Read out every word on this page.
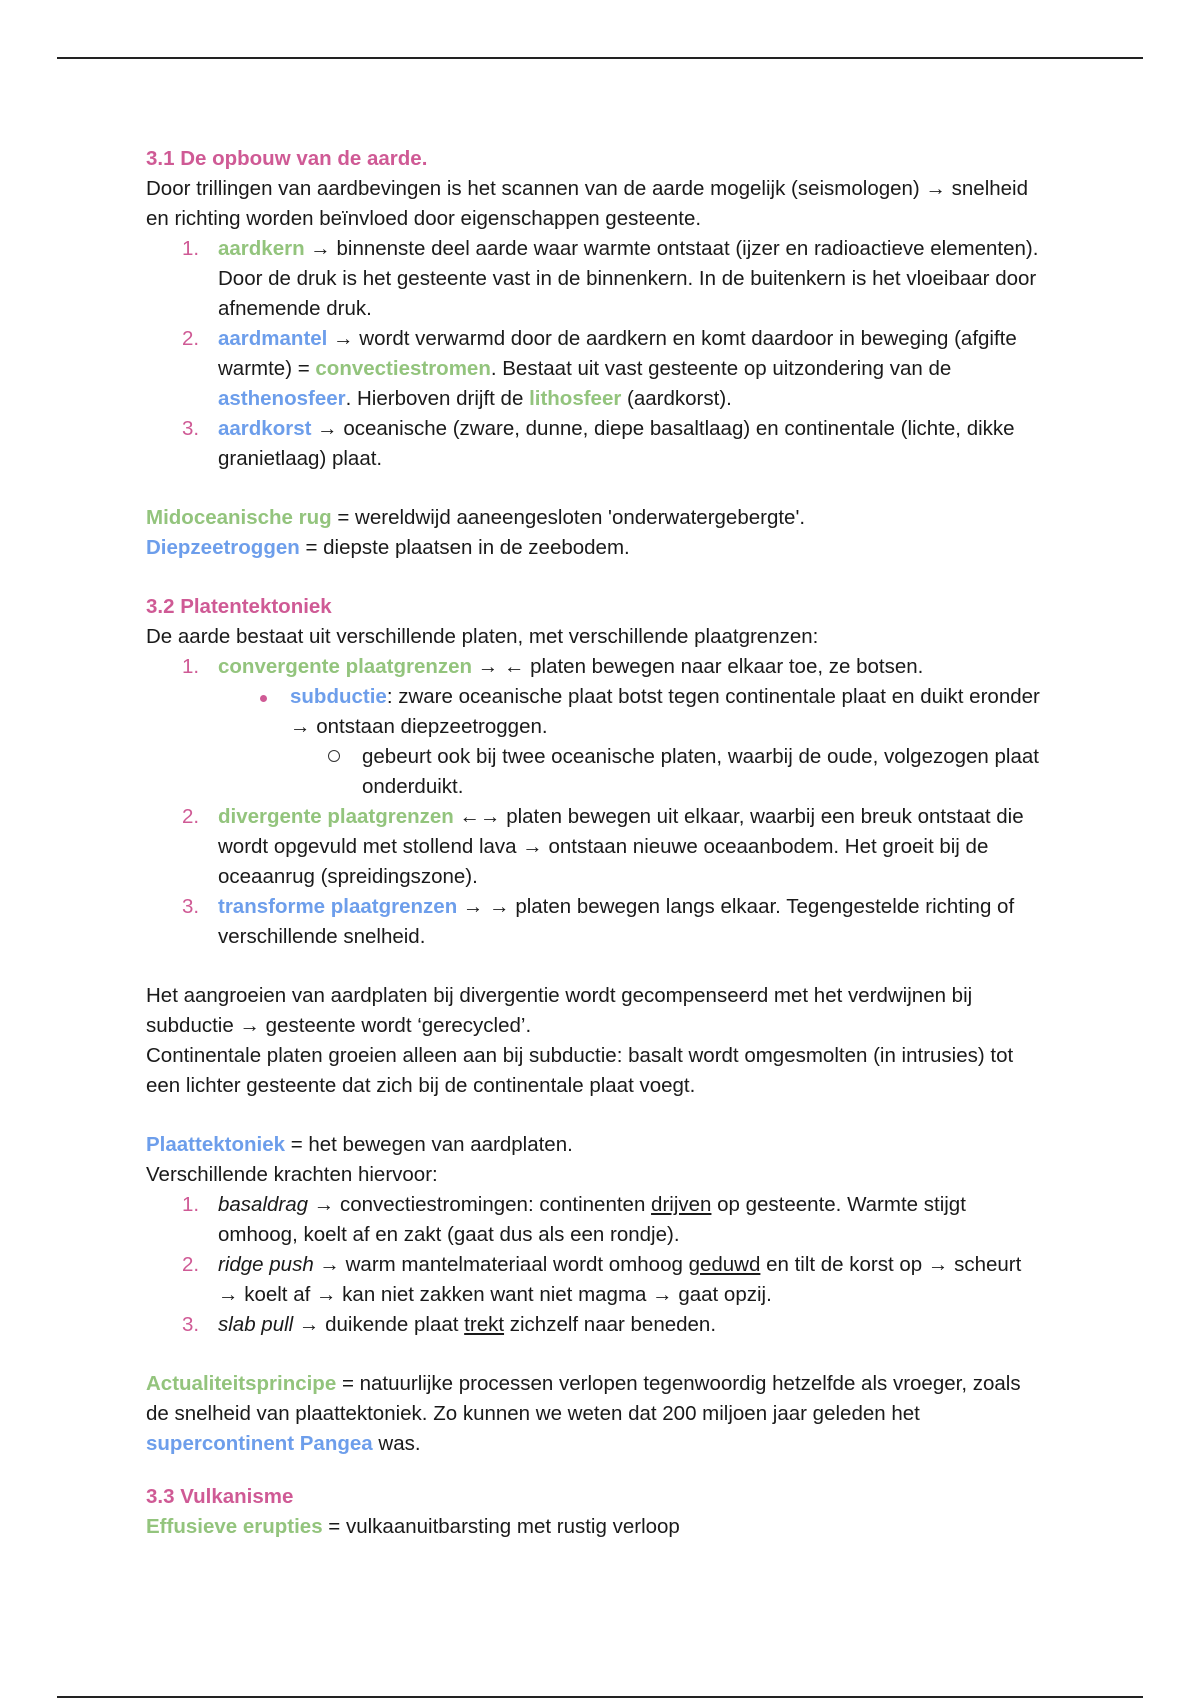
3.1 De opbouw van de aarde.

Door trillingen van aardbevingen is het scannen van de aarde mogelijk (seismologen) → snelheid en richting worden beïnvloed door eigenschappen gesteente.

1. aardkern → binnenste deel aarde waar warmte ontstaat (ijzer en radioactieve elementen). Door de druk is het gesteente vast in de binnenkern. In de buitenkern is het vloeibaar door afnemende druk.
2. aardmantel → wordt verwarmd door de aardkern en komt daardoor in beweging (afgifte warmte) = convectiestromen. Bestaat uit vast gesteente op uitzondering van de asthenosfeer. Hierboven drijft de lithosfeer (aardkorst).
3. aardkorst → oceanische (zware, dunne, diepe basaltlaag) en continentale (lichte, dikke granietlaag) plaat.

Midoceanische rug = wereldwijd aaneengesloten 'onderwatergebergte'.

Diepzeetroggen = diepste plaatsen in de zeebodem.

3.2 Platentektoniek

De aarde bestaat uit verschillende platen, met verschillende plaatgrenzen:

1. convergente plaatgrenzen → ← platen bewegen naar elkaar toe, ze botsen.
subductie: zware oceanische plaat botst tegen continentale plaat en duikt eronder → ontstaan diepzeetroggen.
gebeurt ook bij twee oceanische platen, waarbij de oude, volgezogen plaat onderduikt.
2. divergente plaatgrenzen ←→ platen bewegen uit elkaar, waarbij een breuk ontstaat die wordt opgevuld met stollend lava → ontstaan nieuwe oceaanbodem. Het groeit bij de oceaanrug (spreidingszone).
3. transforme plaatgrenzen → → platen bewegen langs elkaar. Tegengestelde richting of verschillende snelheid.

Het aangroeien van aardplaten bij divergentie wordt gecompenseerd met het verdwijnen bij subductie → gesteente wordt ‘gerecycled’.

Continentale platen groeien alleen aan bij subductie: basalt wordt omgesmolten (in intrusies) tot een lichter gesteente dat zich bij de continentale plaat voegt.

Plaattektoniek = het bewegen van aardplaten.

Verschillende krachten hiervoor:

1. basaldrag → convectiestromingen: continenten drijven op gesteente. Warmte stijgt omhoog, koelt af en zakt (gaat dus als een rondje).
2. ridge push → warm mantelmateriaal wordt omhoog geduwd en tilt de korst op → scheurt → koelt af → kan niet zakken want niet magma → gaat opzij.
3. slab pull → duikende plaat trekt zichzelf naar beneden.

Actualiteitsprincipe = natuurlijke processen verlopen tegenwoordig hetzelfde als vroeger, zoals de snelheid van plaattektoniek. Zo kunnen we weten dat 200 miljoen jaar geleden het supercontinent Pangea was.

3.3 Vulkanisme

Effusieve erupties = vulkaanuitbarsting met rustig verloop
